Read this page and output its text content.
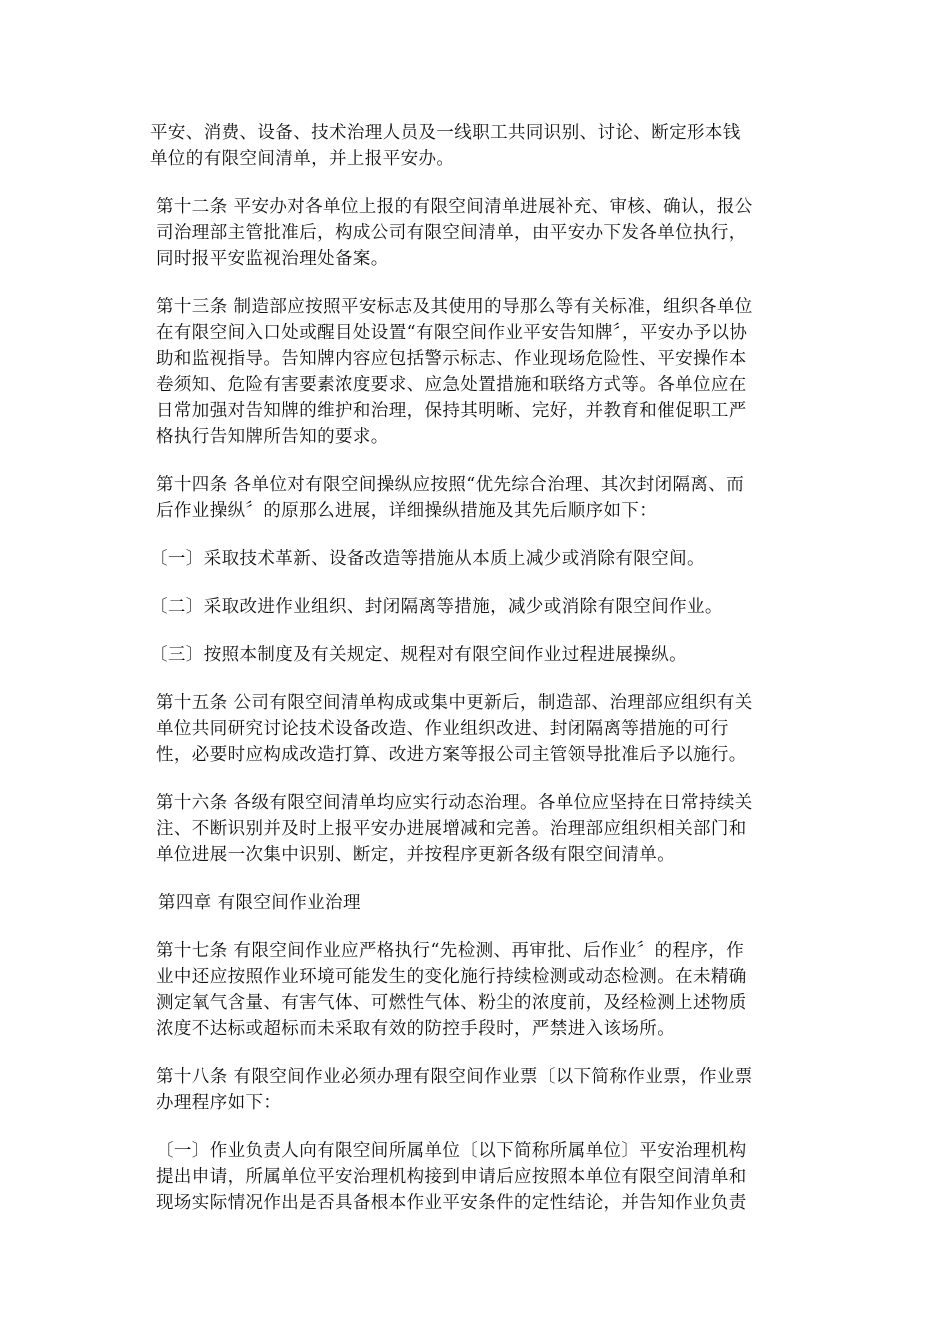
平安、消费、设备、技术治理人员及一线职工共同识别、讨论、断定形本钱
单位的有限空间清单，并上报平安办。

第十二条 平安办对各单位上报的有限空间清单进展补充、审核、确认，报公
司治理部主管批准后，构成公司有限空间清单，由平安办下发各单位执行，
同时报平安监视治理处备案。

第十三条 制造部应按照平安标志及其使用的导那么等有关标准，组织各单位
在有限空间入口处或醒目处设置“有限空间作业平安告知牌〞，平安办予以协
助和监视指导。告知牌内容应包括警示标志、作业现场危险性、平安操作本
卷须知、危险有害要素浓度要求、应急处置措施和联络方式等。各单位应在
日常加强对告知牌的维护和治理，保持其明晰、完好，并教育和催促职工严
格执行告知牌所告知的要求。

第十四条 各单位对有限空间操纵应按照“优先综合治理、其次封闭隔离、而
后作业操纵〞的原那么进展，详细操纵措施及其先后顺序如下：

〔一〕采取技术革新、设备改造等措施从本质上减少或消除有限空间。

〔二〕采取改进作业组织、封闭隔离等措施，减少或消除有限空间作业。

〔三〕按照本制度及有关规定、规程对有限空间作业过程进展操纵。

第十五条 公司有限空间清单构成或集中更新后，制造部、治理部应组织有关
单位共同研究讨论技术设备改造、作业组织改进、封闭隔离等措施的可行
性，必要时应构成改造打算、改进方案等报公司主管领导批准后予以施行。

第十六条 各级有限空间清单均应实行动态治理。各单位应坚持在日常持续关
注、不断识别并及时上报平安办进展增减和完善。治理部应组织相关部门和
单位进展一次集中识别、断定，并按程序更新各级有限空间清单。

第四章 有限空间作业治理

第十七条 有限空间作业应严格执行“先检测、再审批、后作业〞的程序，作
业中还应按照作业环境可能发生的变化施行持续检测或动态检测。在未精确
测定氧气含量、有害气体、可燃性气体、粉尘的浓度前，及经检测上述物质
浓度不达标或超标而未采取有效的防控手段时，严禁进入该场所。

第十八条 有限空间作业必须办理有限空间作业票〔以下简称作业票，作业票
办理程序如下：

〔一〕作业负责人向有限空间所属单位〔以下简称所属单位〕平安治理机构
提出申请，所属单位平安治理机构接到申请后应按照本单位有限空间清单和
现场实际情况作出是否具备根本作业平安条件的定性结论，并告知作业负责
